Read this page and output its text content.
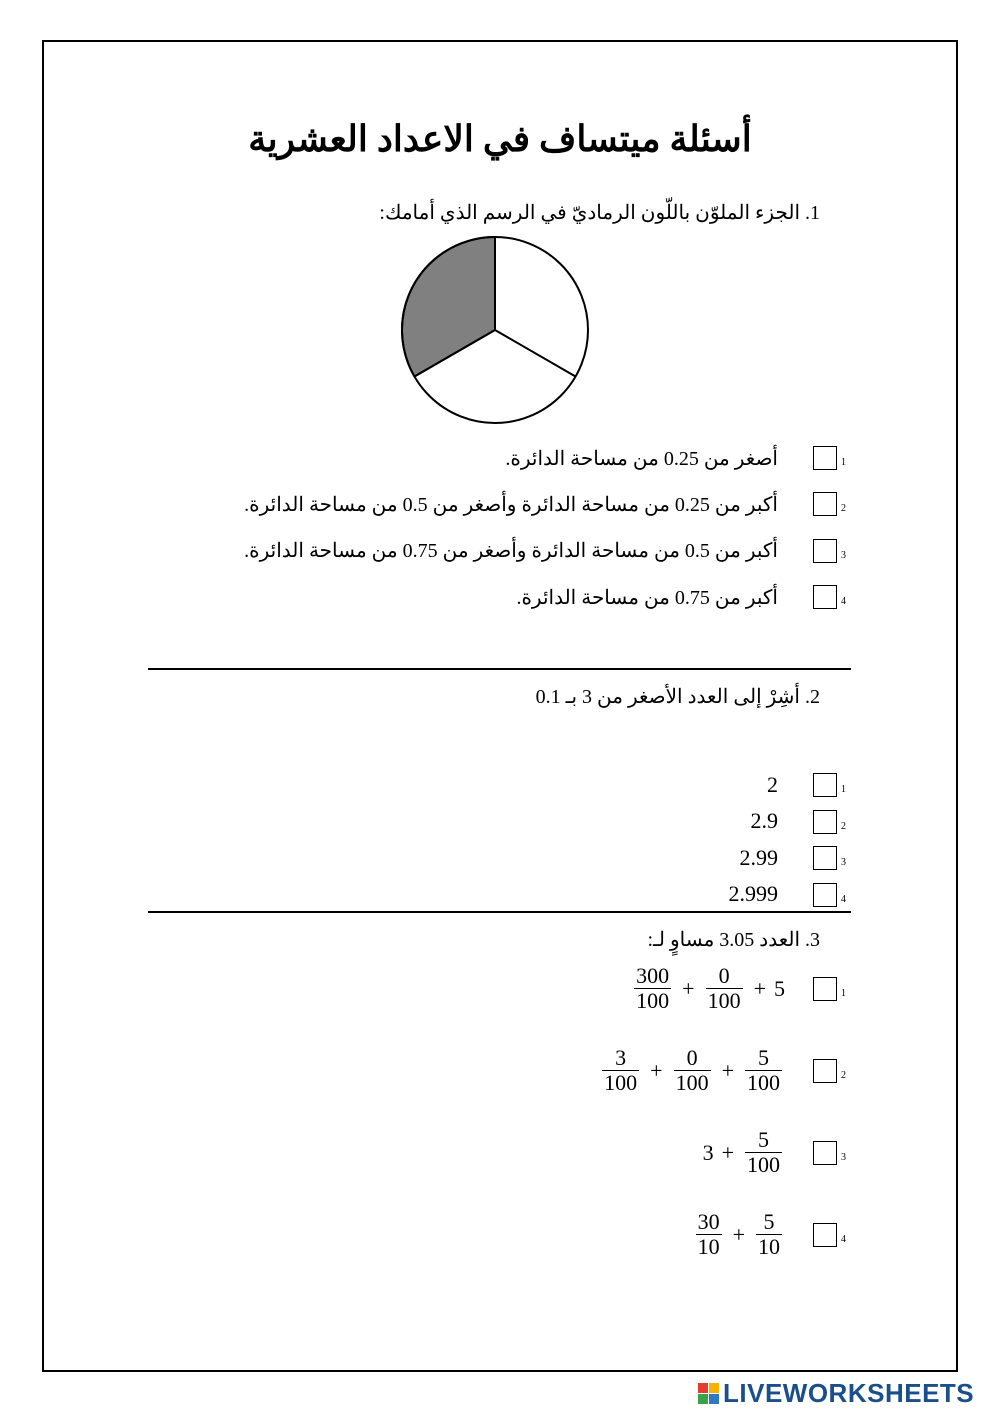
أسئلة ميتساف في الاعداد العشرية
1. الجزء الملوّن باللّون الرماديّ في الرسم الذي أمامك:
1
أصغر من 0.25 من مساحة الدائرة.
2
أكبر من 0.25 من مساحة الدائرة وأصغر من 0.5 من مساحة الدائرة.
3
أكبر من 0.5 من مساحة الدائرة وأصغر من 0.75 من مساحة الدائرة.
4
أكبر من 0.75 من مساحة الدائرة.
2. أشِرْ إلى العدد الأصغر من 3 بـ 0.1
1
2
2
2.9
3
2.99
4
2.999
3. العدد 3.05 مساوٍ لـ:
1
$\frac{300}{100} + \frac{0}{100} + 5$
2
$\frac{3}{100} + \frac{0}{100} + \frac{5}{100}$
3
$3 + \frac{5}{100}$
4
$\frac{30}{10} + \frac{5}{10}$
LIVEWORKSHEETS
